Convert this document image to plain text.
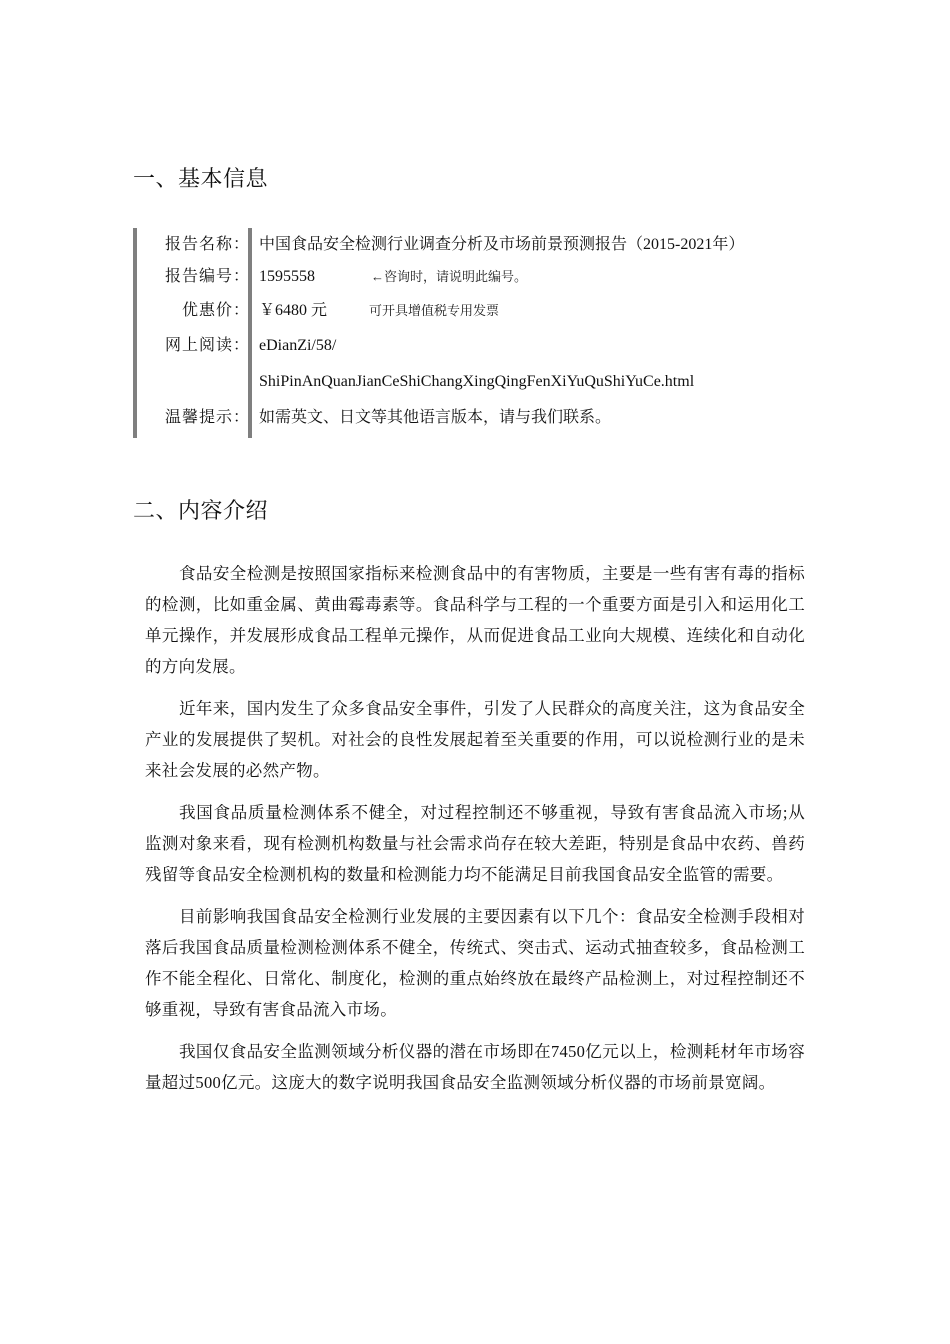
一、基本信息
报告名称： 中国食品安全检测行业调查分析及市场前景预测报告（2015-2021年）
报告编号： 1595558	←咨询时，请说明此编号。
优惠价： ￥6480 元	可开具增值税专用发票
网上阅读： eDianZi/58/
ShiPinAnQuanJianCeShiChangXingQingFenXiYuQuShiYuCe.html
温馨提示： 如需英文、日文等其他语言版本，请与我们联系。
二、内容介绍

食品安全检测是按照国家指标来检测食品中的有害物质，主要是一些有害有毒的指标的检测，比如重金属、黄曲霉毒素等。食品科学与工程的一个重要方面是引入和运用化工单元操作，并发展形成食品工程单元操作，从而促进食品工业向大规模、连续化和自动化的方向发展。

近年来，国内发生了众多食品安全事件，引发了人民群众的高度关注，这为食品安全产业的发展提供了契机。对社会的良性发展起着至关重要的作用，可以说检测行业的是未来社会发展的必然产物。

我国食品质量检测体系不健全，对过程控制还不够重视，导致有害食品流入市场;从监测对象来看，现有检测机构数量与社会需求尚存在较大差距，特别是食品中农药、兽药残留等食品安全检测机构的数量和检测能力均不能满足目前我国食品安全监管的需要。

目前影响我国食品安全检测行业发展的主要因素有以下几个：食品安全检测手段相对落后我国食品质量检测检测体系不健全，传统式、突击式、运动式抽查较多，食品检测工作不能全程化、日常化、制度化，检测的重点始终放在最终产品检测上，对过程控制还不够重视，导致有害食品流入市场。

我国仅食品安全监测领域分析仪器的潜在市场即在7450亿元以上，检测耗材年市场容量超过500亿元。这庞大的数字说明我国食品安全监测领域分析仪器的市场前景宽阔。
